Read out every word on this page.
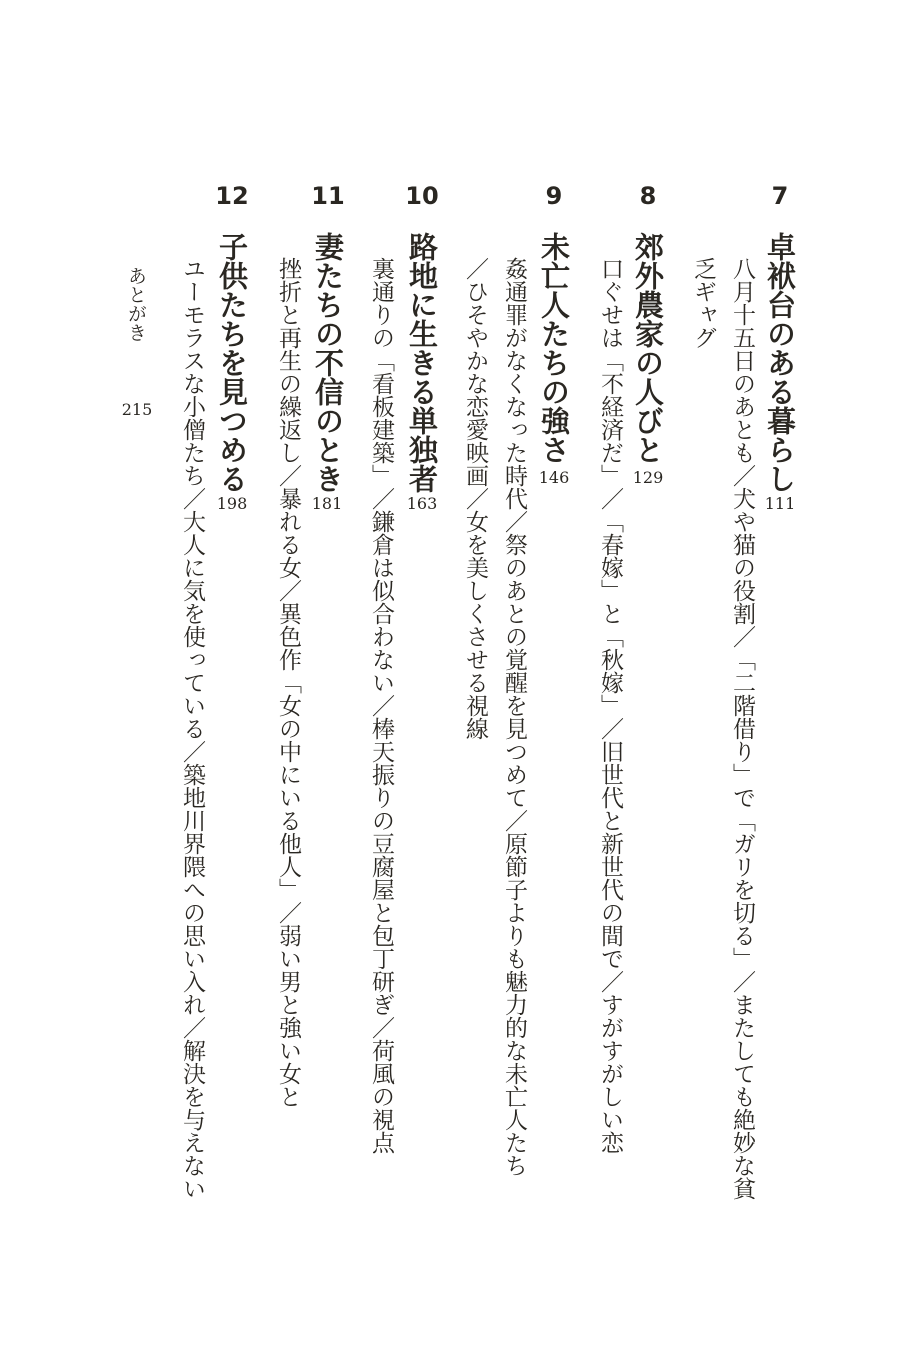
7
卓袱台のある暮らし
111
八月十五日のあとも／犬や猫の役割／「二階借り」で「ガリを切る」／またしても絶妙な貧
乏ギャグ
8
郊外農家の人びと
129
口ぐせは「不経済だ」／「春嫁」と「秋嫁」／旧世代と新世代の間で／すがすがしい恋
9
未亡人たちの強さ
146
姦通罪がなくなった時代／祭のあとの覚醒を見つめて／原節子よりも魅力的な未亡人たち
／ひそやかな恋愛映画／女を美しくさせる視線
10
路地に生きる単独者
163
裏通りの「看板建築」／鎌倉は似合わない／棒天振りの豆腐屋と包丁研ぎ／荷風の視点
11
妻たちの不信のとき
181
挫折と再生の繰返し／暴れる女／異色作「女の中にいる他人」／弱い男と強い女と
12
子供たちを見つめる
198
ユーモラスな小僧たち／大人に気を使っている／築地川界隈への思い入れ／解決を与えない
あとがき
215
